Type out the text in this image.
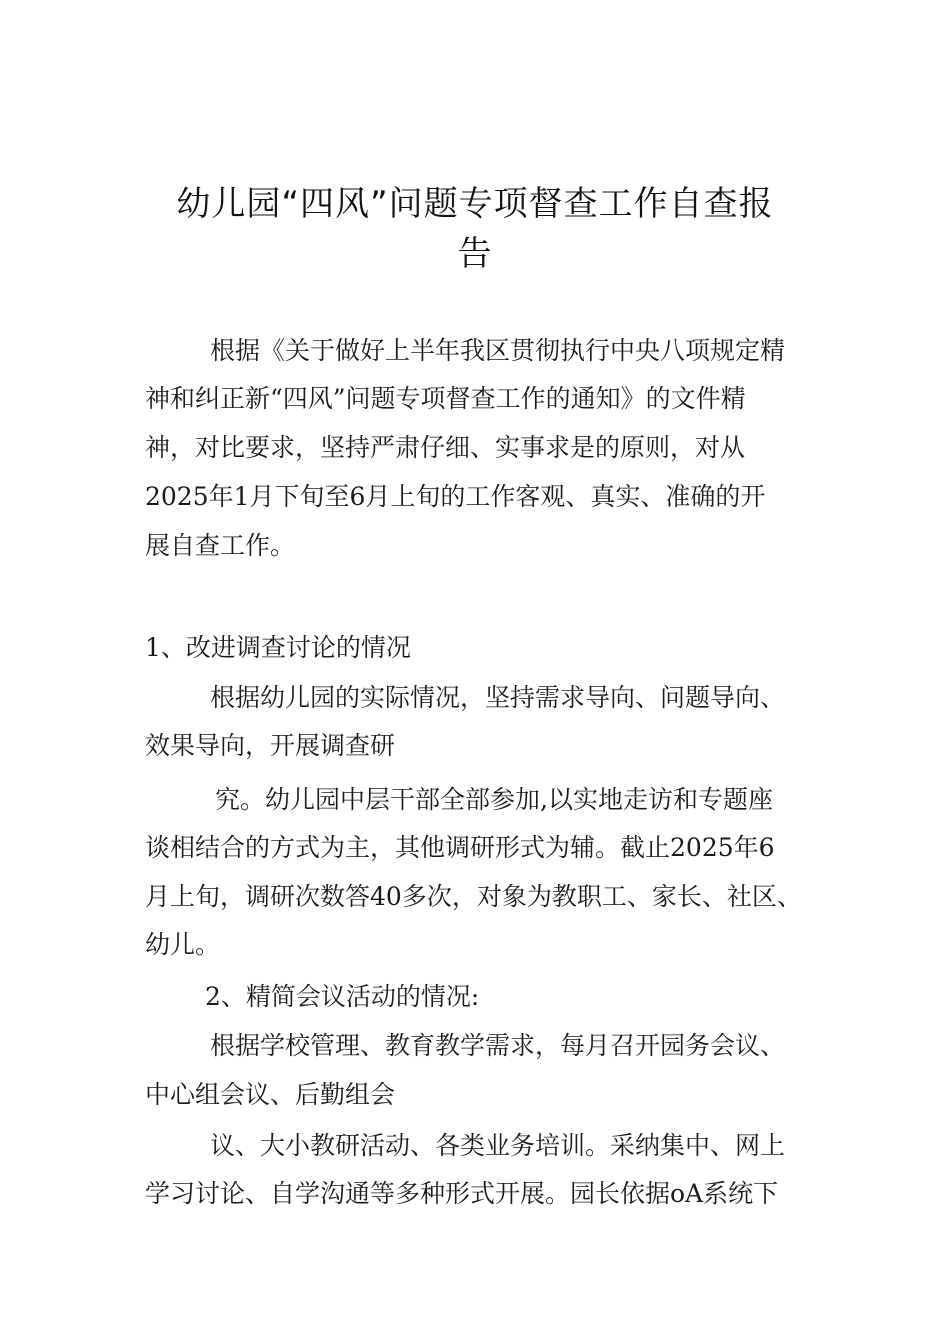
幼儿园“四风”问题专项督查工作自查报
告

根据《关于做好上半年我区贯彻执行中央八项规定精

神和纠正新“四风”问题专项督查工作的通知》的文件精

神，对比要求，坚持严肃仔细、实事求是的原则，对从

2025年1月下旬至6月上旬的工作客观、真实、准确的开

展自查工作。

1、改进调查讨论的情况

根据幼儿园的实际情况，坚持需求导向、问题导向、

效果导向，开展调查研

究。幼儿园中层干部全部参加,以实地走访和专题座

谈相结合的方式为主，其他调研形式为辅。截止2025年6

月上旬，调研次数答40多次，对象为教职工、家长、社区、

幼儿。

2、精简会议活动的情况:

根据学校管理、教育教学需求，每月召开园务会议、

中心组会议、后勤组会

议、大小教研活动、各类业务培训。采纳集中、网上

学习讨论、自学沟通等多种形式开展。园长依据oA系统下
